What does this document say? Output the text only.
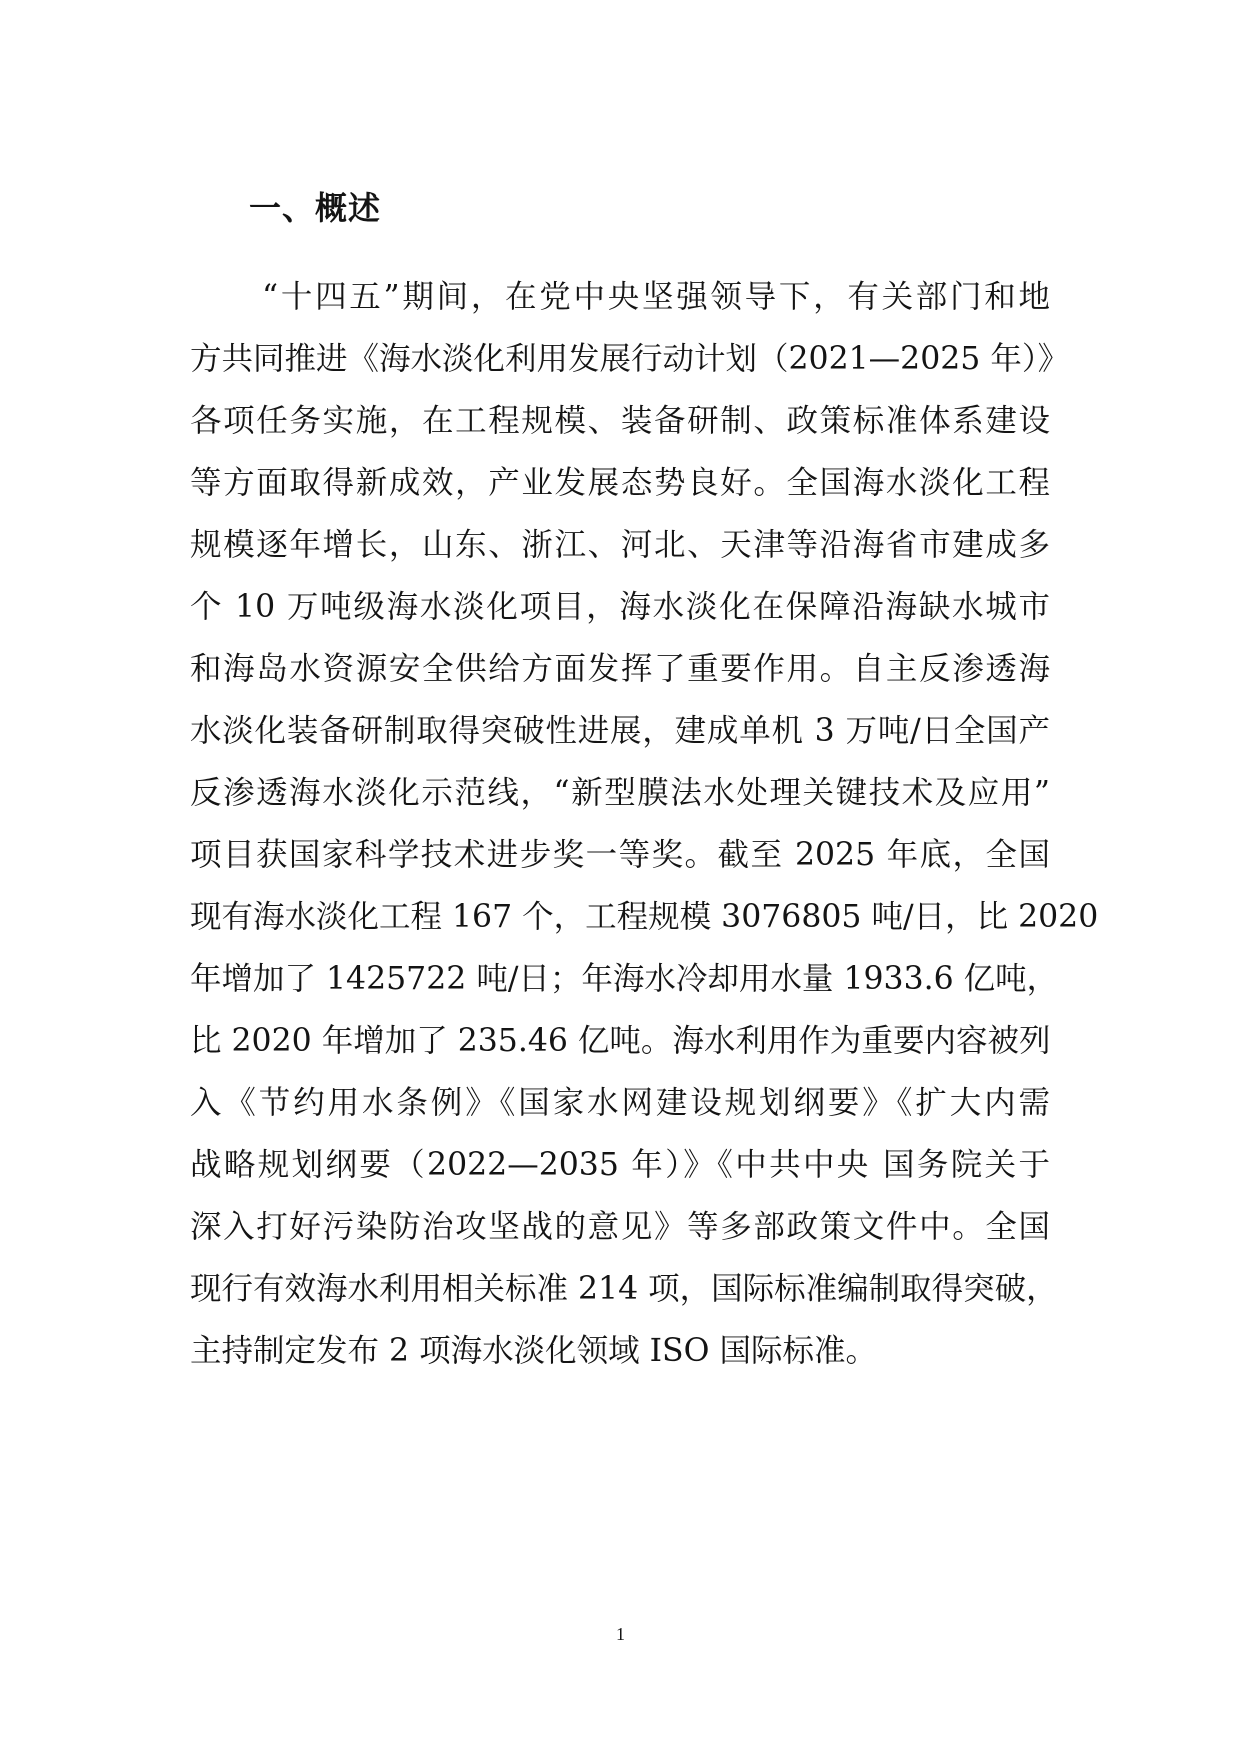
一、概述
“十四五”期间，在党中央坚强领导下，有关部门和地
方共同推进《海水淡化利用发展行动计划（2021—2025 年）》
各项任务实施，在工程规模、装备研制、政策标准体系建设
等方面取得新成效，产业发展态势良好。全国海水淡化工程
规模逐年增长，山东、浙江、河北、天津等沿海省市建成多
个 10 万吨级海水淡化项目，海水淡化在保障沿海缺水城市
和海岛水资源安全供给方面发挥了重要作用。自主反渗透海
水淡化装备研制取得突破性进展，建成单机 3 万吨/日全国产
反渗透海水淡化示范线，“新型膜法水处理关键技术及应用”
项目获国家科学技术进步奖一等奖。截至 2025 年底，全国
现有海水淡化工程 167 个，工程规模 3076805 吨/日，比 2020
年增加了 1425722 吨/日；年海水冷却用水量 1933.6 亿吨，
比 2020 年增加了 235.46 亿吨。海水利用作为重要内容被列
入《节约用水条例》《国家水网建设规划纲要》《扩大内需
战略规划纲要（2022—2035 年）》《中共中央 国务院关于
深入打好污染防治攻坚战的意见》等多部政策文件中。全国
现行有效海水利用相关标准 214 项，国际标准编制取得突破，
主持制定发布 2 项海水淡化领域 ISO 国际标准。
1
